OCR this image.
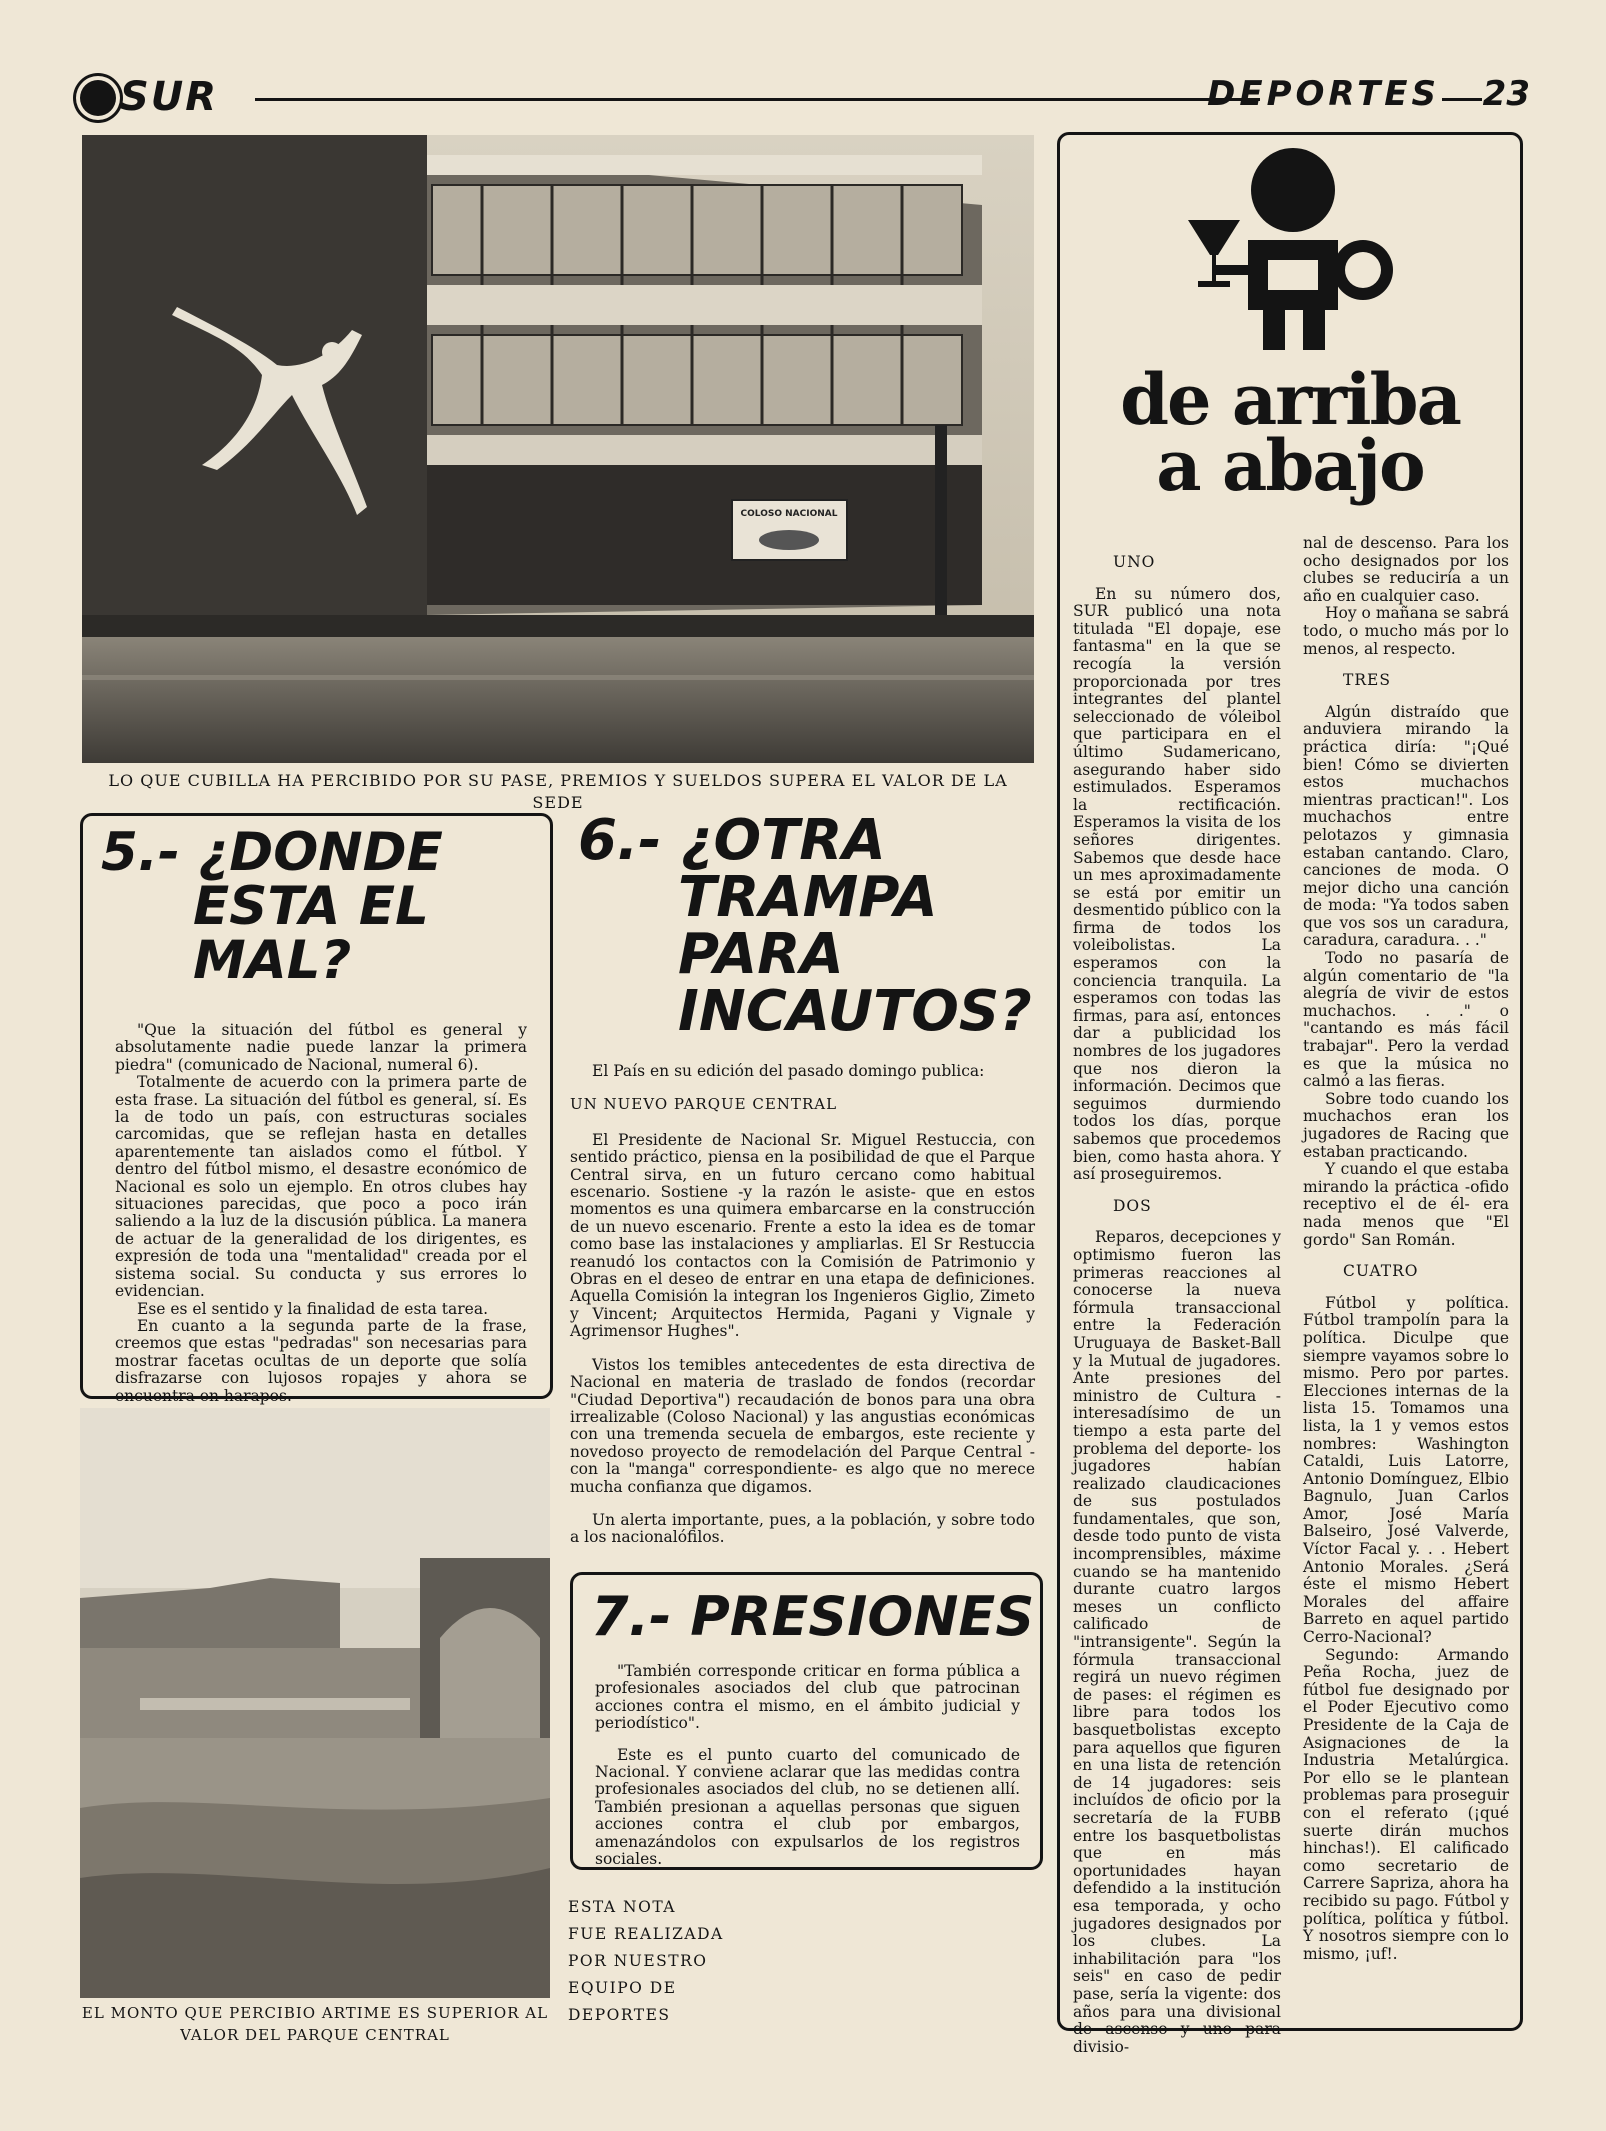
SUR	DEPORTES 23
COLOSO NACIONAL
LO QUE CUBILLA HA PERCIBIDO POR SU PASE, PREMIOS Y SUELDOS SUPERA EL VALOR DE LA SEDE
5.- ¿DONDE
ESTA EL
MAL?

"Que la situación del fútbol es general y absolutamente nadie puede lanzar la primera piedra" (comunicado de Nacional, numeral 6).

Totalmente de acuerdo con la primera parte de esta frase. La situación del fútbol es general, sí. Es la de todo un país, con estructuras sociales carcomidas, que se reflejan hasta en detalles aparentemente tan aislados como el fútbol. Y dentro del fútbol mismo, el desastre económico de Nacional es solo un ejemplo. En otros clubes hay situaciones parecidas, que poco a poco irán saliendo a la luz de la discusión pública. La manera de actuar de la generalidad de los dirigentes, es expresión de toda una "mentalidad" creada por el sistema social. Su conducta y sus errores lo evidencian.

Ese es el sentido y la finalidad de esta tarea.

En cuanto a la segunda parte de la frase, creemos que estas "pedradas" son necesarias para mostrar facetas ocultas de un deporte que solía disfrazarse con lujosos ropajes y ahora se encuentra en harapos.

6.- ¿OTRA
TRAMPA
PARA
INCAUTOS?

El País en su edición del pasado domingo publica:

UN NUEVO PARQUE CENTRAL

El Presidente de Nacional Sr. Miguel Restuccia, con sentido práctico, piensa en la posibilidad de que el Parque Central sirva, en un futuro cercano como habitual escenario. Sostiene -y la razón le asiste- que en estos momentos es una quimera embarcarse en la construcción de un nuevo escenario. Frente a esto la idea es de tomar como base las instalaciones y ampliarlas. El Sr Restuccia reanudó los contactos con la Comisión de Patrimonio y Obras en el deseo de entrar en una etapa de definiciones. Aquella Comisión la integran los Ingenieros Giglio, Zimeto y Vincent; Arquitectos Hermida, Pagani y Vignale y Agrimensor Hughes".

Vistos los temibles antecedentes de esta directiva de Nacional en materia de traslado de fondos (recordar "Ciudad Deportiva") recaudación de bonos para una obra irrealizable (Coloso Nacional) y las angustias económicas con una tremenda secuela de embargos, este reciente y novedoso proyecto de remodelación del Parque Central -con la "manga" correspondiente- es algo que no merece mucha confianza que digamos.

Un alerta importante, pues, a la población, y sobre todo a los nacionalófilos.

EL MONTO QUE PERCIBIO ARTIME ES SUPERIOR AL
VALOR DEL PARQUE CENTRAL
7.- PRESIONES

"También corresponde criticar en forma pública a profesionales asociados del club que patrocinan acciones contra el mismo, en el ámbito judicial y periodístico".

Este es el punto cuarto del comunicado de Nacional. Y conviene aclarar que las medidas contra profesionales asociados del club, no se detienen allí. También presionan a aquellas personas que siguen acciones contra el club por embargos, amenazándolos con expulsarlos de los registros sociales.

ESTA NOTA
FUE REALIZADA
POR NUESTRO
EQUIPO DE
DEPORTES
de arriba
a abajo

UNO

En su número dos, SUR publicó una nota titulada "El dopaje, ese fantasma" en la que se recogía la versión proporcionada por tres integrantes del plantel seleccionado de vóleibol que participara en el último Sudamericano, asegurando haber sido estimulados. Esperamos la rectificación. Esperamos la visita de los señores dirigentes. Sabemos que desde hace un mes aproximadamente se está por emitir un desmentido público con la firma de todos los voleibolistas. La esperamos con la conciencia tranquila. La esperamos con todas las firmas, para así, entonces dar a publicidad los nombres de los jugadores que nos dieron la información. Decimos que seguimos durmiendo todos los días, porque sabemos que procedemos bien, como hasta ahora. Y así proseguiremos.

DOS

Reparos, decepciones y optimismo fueron las primeras reacciones al conocerse la nueva fórmula transaccional entre la Federación Uruguaya de Basket-Ball y la Mutual de jugadores. Ante presiones del ministro de Cultura -interesadísimo de un tiempo a esta parte del problema del deporte- los jugadores habían realizado claudicaciones de sus postulados fundamentales, que son, desde todo punto de vista incomprensibles, máxime cuando se ha mantenido durante cuatro largos meses un conflicto calificado de "intransigente". Según la fórmula transaccional regirá un nuevo régimen de pases: el régimen es libre para todos los basquetbolistas excepto para aquellos que figuren en una lista de retención de 14 jugadores: seis incluídos de oficio por la secretaría de la FUBB entre los basquetbolistas que en más oportunidades hayan defendido a la institución esa temporada, y ocho jugadores designados por los clubes. La inhabilitación para "los seis" en caso de pedir pase, sería la vigente: dos años para una divisional de ascenso y uno para divisio-

nal de descenso. Para los ocho designados por los clubes se reduciría a un año en cualquier caso.

Hoy o mañana se sabrá todo, o mucho más por lo menos, al respecto.

TRES

Algún distraído que anduviera mirando la práctica diría: "¡Qué bien! Cómo se divierten estos muchachos mientras practican!". Los muchachos entre pelotazos y gimnasia estaban cantando. Claro, canciones de moda. O mejor dicho una canción de moda: "Ya todos saben que vos sos un caradura, caradura, caradura. . ."

Todo no pasaría de algún comentario de "la alegría de vivir de estos muchachos. . ." o "cantando es más fácil trabajar". Pero la verdad es que la música no calmó a las fieras.

Sobre todo cuando los muchachos eran los jugadores de Racing que estaban practicando.

Y cuando el que estaba mirando la práctica -ofido receptivo el de él- era nada menos que "El gordo" San Román.

CUATRO

Fútbol y política. Fútbol trampolín para la política. Diculpe que siempre vayamos sobre lo mismo. Pero por partes. Elecciones internas de la lista 15. Tomamos una lista, la 1 y vemos estos nombres: Washington Cataldi, Luis Latorre, Antonio Domínguez, Elbio Bagnulo, Juan Carlos Amor, José María Balseiro, José Valverde, Víctor Facal y. . . Hebert Antonio Morales. ¿Será éste el mismo Hebert Morales del affaire Barreto en aquel partido Cerro-Nacional?

Segundo: Armando Peña Rocha, juez de fútbol fue designado por el Poder Ejecutivo como Presidente de la Caja de Asignaciones de la Industria Metalúrgica. Por ello se le plantean problemas para proseguir con el referato (¡qué suerte dirán muchos hinchas!). El calificado como secretario de Carrere Sapriza, ahora ha recibido su pago. Fútbol y política, política y fútbol. Y nosotros siempre con lo mismo, ¡uf!.
